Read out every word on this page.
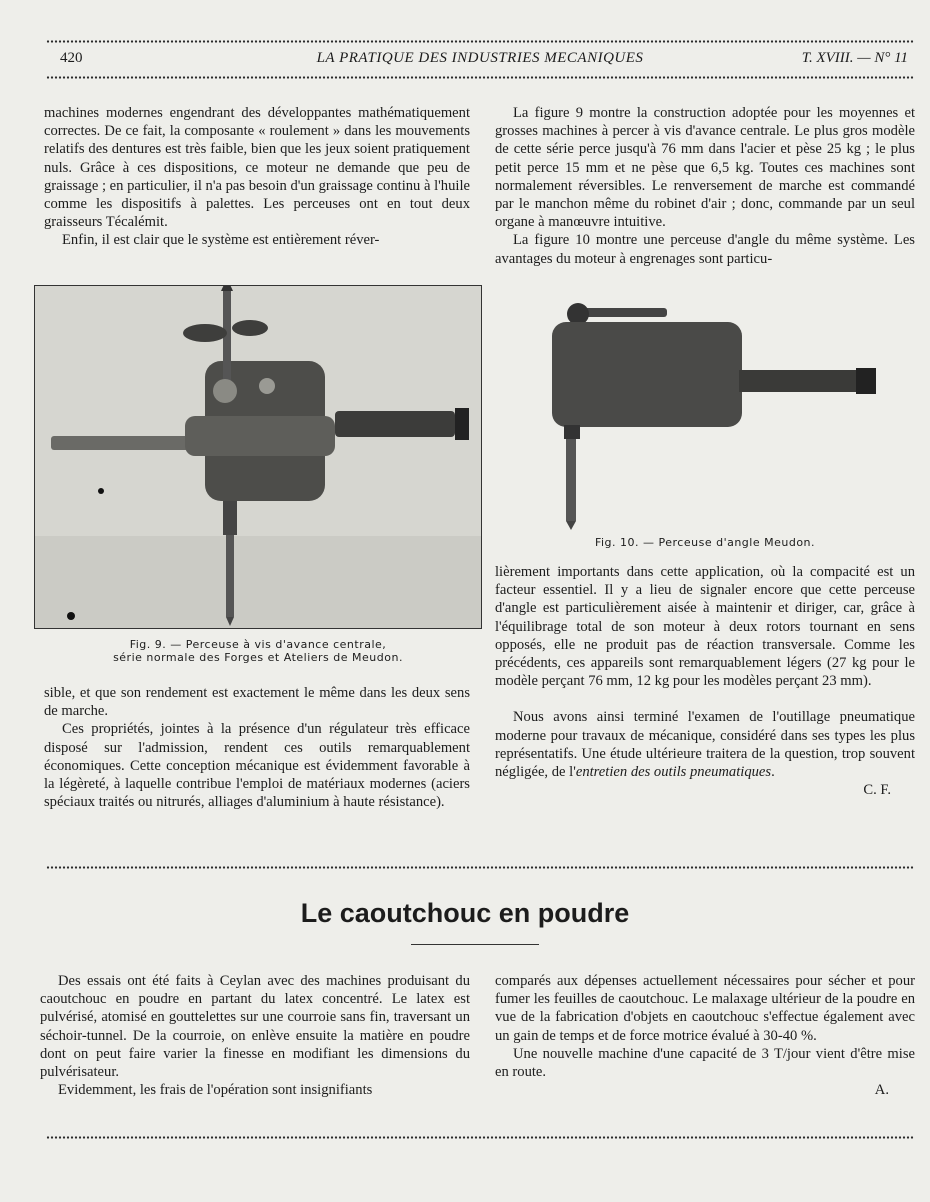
420	LA PRATIQUE DES INDUSTRIES MECANIQUES	T. XVIII. — N° 11

machines modernes engendrant des développantes mathématiquement correctes. De ce fait, la composante « roulement » dans les mouvements relatifs des dentures est très faible, bien que les jeux soient pratiquement nuls. Grâce à ces dispositions, ce moteur ne demande que peu de graissage ; en particulier, il n'a pas besoin d'un graissage continu à l'huile comme les dispositifs à palettes. Les perceuses ont en tout deux graisseurs Técalémit.

Enfin, il est clair que le système est entièrement réver-

Fig. 9. — Perceuse à vis d'avance centrale,
série normale des Forges et Ateliers de Meudon.

sible, et que son rendement est exactement le même dans les deux sens de marche.

Ces propriétés, jointes à la présence d'un régulateur très efficace disposé sur l'admission, rendent ces outils remarquablement économiques. Cette conception mécanique est évidemment favorable à la légèreté, à laquelle contribue l'emploi de matériaux modernes (aciers spéciaux traités ou nitrurés, alliages d'aluminium à haute résistance).

La figure 9 montre la construction adoptée pour les moyennes et grosses machines à percer à vis d'avance centrale. Le plus gros modèle de cette série perce jusqu'à 76 mm dans l'acier et pèse 25 kg ; le plus petit perce 15 mm et ne pèse que 6,5 kg. Toutes ces machines sont normalement réversibles. Le renversement de marche est commandé par le manchon même du robinet d'air ; donc, commande par un seul organe à manœuvre intuitive.

La figure 10 montre une perceuse d'angle du même système. Les avantages du moteur à engrenages sont particu-

Fig. 10. — Perceuse d'angle Meudon.

lièrement importants dans cette application, où la compacité est un facteur essentiel. Il y a lieu de signaler encore que cette perceuse d'angle est particulièrement aisée à maintenir et diriger, car, grâce à l'équilibrage total de son moteur à deux rotors tournant en sens opposés, elle ne produit pas de réaction transversale. Comme les précédents, ces appareils sont remarquablement légers (27 kg pour le modèle perçant 76 mm, 12 kg pour les modèles perçant 23 mm).

Nous avons ainsi terminé l'examen de l'outillage pneumatique moderne pour travaux de mécanique, considéré dans ses types les plus représentatifs. Une étude ultérieure traitera de la question, trop souvent négligée, de l'entretien des outils pneumatiques.

C. F.

Le caoutchouc en poudre

Des essais ont été faits à Ceylan avec des machines produisant du caoutchouc en poudre en partant du latex concentré. Le latex est pulvérisé, atomisé en gouttelettes sur une courroie sans fin, traversant un séchoir-tunnel. De la courroie, on enlève ensuite la matière en poudre dont on peut faire varier la finesse en modifiant les dimensions du pulvérisateur.

Evidemment, les frais de l'opération sont insignifiants

comparés aux dépenses actuellement nécessaires pour sécher et pour fumer les feuilles de caoutchouc. Le malaxage ultérieur de la poudre en vue de la fabrication d'objets en caoutchouc s'effectue également avec un gain de temps et de force motrice évalué à 30-40 %.

Une nouvelle machine d'une capacité de 3 T/jour vient d'être mise en route.

A.
